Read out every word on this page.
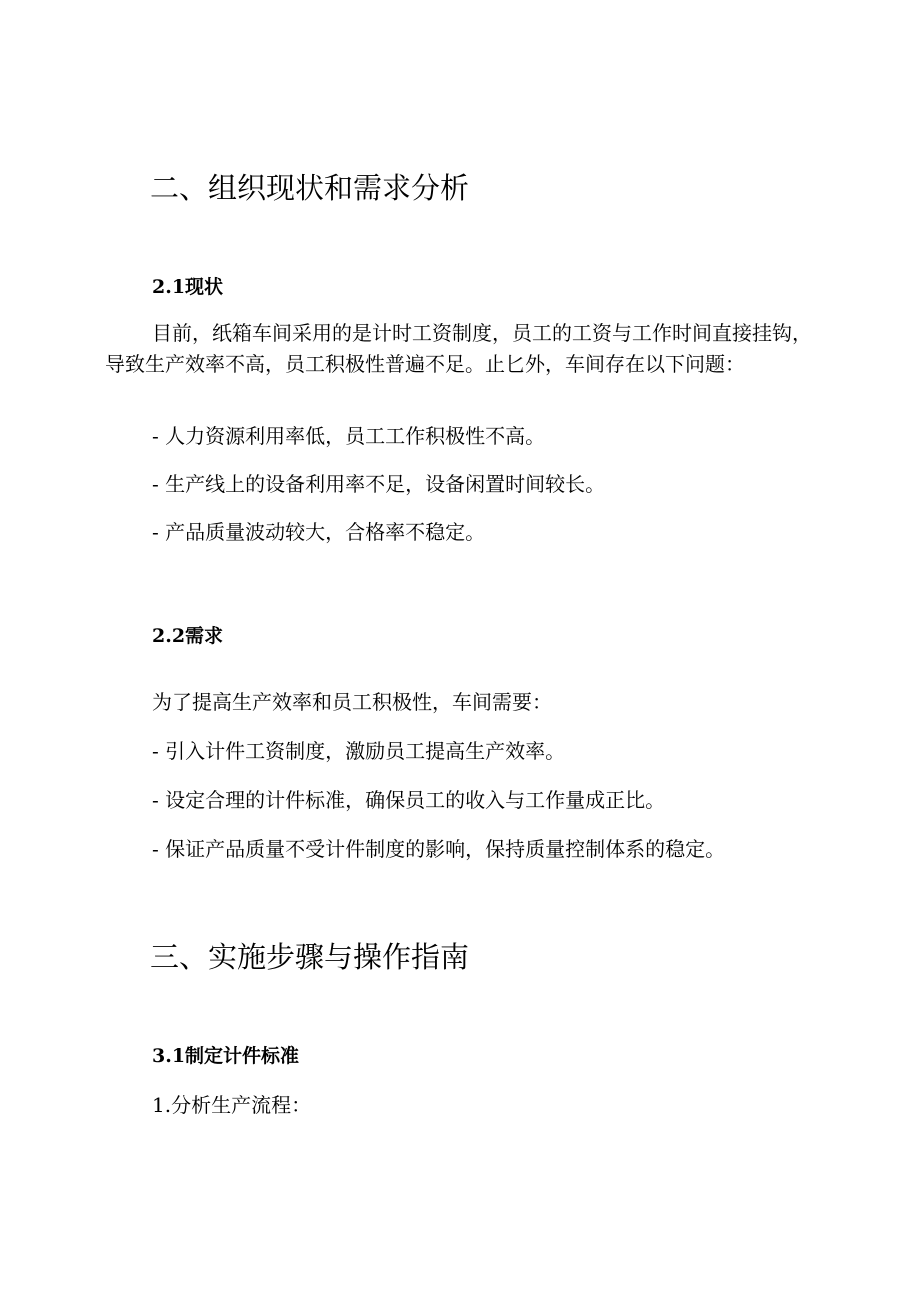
二、组织现状和需求分析
2.1现状

目前，纸箱车间采用的是计时工资制度，员工的工资与工作时间直接挂钩，导致生产效率不高，员工积极性普遍不足。止匕外，车间存在以下问题：

- 人力资源利用率低，员工工作积极性不高。

- 生产线上的设备利用率不足，设备闲置时间较长。

- 产品质量波动较大，合格率不稳定。

2.2需求

为了提高生产效率和员工积极性，车间需要：

- 引入计件工资制度，激励员工提高生产效率。

- 设定合理的计件标准，确保员工的收入与工作量成正比。

- 保证产品质量不受计件制度的影响，保持质量控制体系的稳定。

三、实施步骤与操作指南
3.1制定计件标准

1.分析生产流程：
